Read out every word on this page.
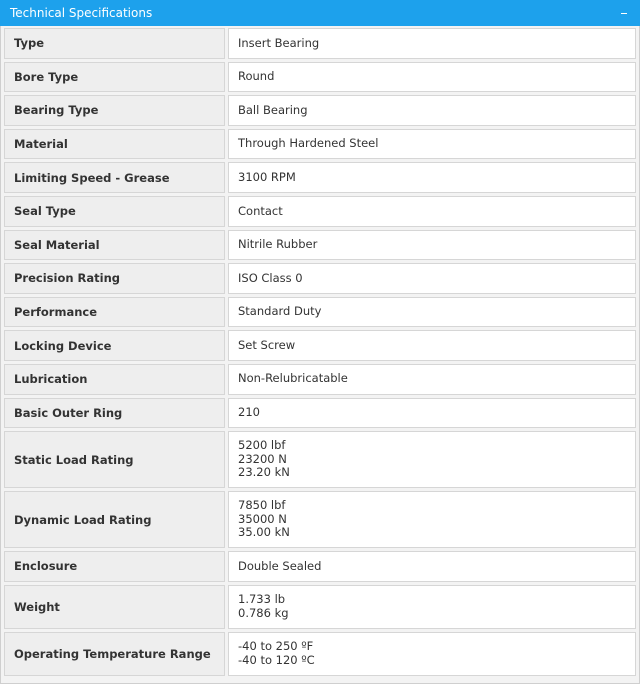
Technical Specifications
Type	Insert Bearing

Bore Type	Round

Bearing Type	Ball Bearing

Material	Through Hardened Steel

Limiting Speed - Grease	3100 RPM

Seal Type	Contact

Seal Material	Nitrile Rubber

Precision Rating	ISO Class 0

Performance	Standard Duty

Locking Device	Set Screw

Lubrication	Non-Relubricatable

Basic Outer Ring	210

Static Load Rating	5200 lbf
23200 N
23.20 kN

Dynamic Load Rating	7850 lbf
35000 N
35.00 kN

Enclosure	Double Sealed

Weight	1.733 lb
0.786 kg

Operating Temperature Range	-40 to 250 ºF
-40 to 120 ºC
